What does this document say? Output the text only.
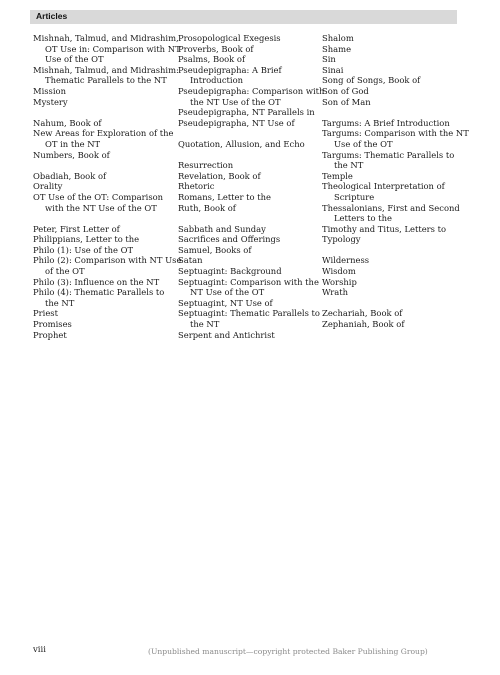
Articles
Mishnah, Talmud, and Midrashim,
OT Use in: Comparison with NT
Use of the OT
Mishnah, Talmud, and Midrashim:
Thematic Parallels to the NT
Mission
Mystery
Nahum, Book of
New Areas for Exploration of the
OT in the NT
Numbers, Book of
Obadiah, Book of
Orality
OT Use of the OT: Comparison
with the NT Use of the OT
Peter, First Letter of
Philippians, Letter to the
Philo (1): Use of the OT
Philo (2): Comparison with NT Use
of the OT
Philo (3): Influence on the NT
Philo (4): Thematic Parallels to
the NT
Priest
Promises
Prophet
Prosopological Exegesis
Proverbs, Book of
Psalms, Book of
Pseudepigrapha: A Brief
Introduction
Pseudepigrapha: Comparison with
the NT Use of the OT
Pseudepigrapha, NT Parallels in
Pseudepigrapha, NT Use of
Quotation, Allusion, and Echo
Resurrection
Revelation, Book of
Rhetoric
Romans, Letter to the
Ruth, Book of
Sabbath and Sunday
Sacrifices and Offerings
Samuel, Books of
Satan
Septuagint: Background
Septuagint: Comparison with the
NT Use of the OT
Septuagint, NT Use of
Septuagint: Thematic Parallels to
the NT
Serpent and Antichrist
Shalom
Shame
Sin
Sinai
Song of Songs, Book of
Son of God
Son of Man
Targums: A Brief Introduction
Targums: Comparison with the NT
Use of the OT
Targums: Thematic Parallels to
the NT
Temple
Theological Interpretation of
Scripture
Thessalonians, First and Second
Letters to the
Timothy and Titus, Letters to
Typology
Wilderness
Wisdom
Worship
Wrath
Zechariah, Book of
Zephaniah, Book of
viii	(Unpublished manuscript—copyright protected Baker Publishing Group)
